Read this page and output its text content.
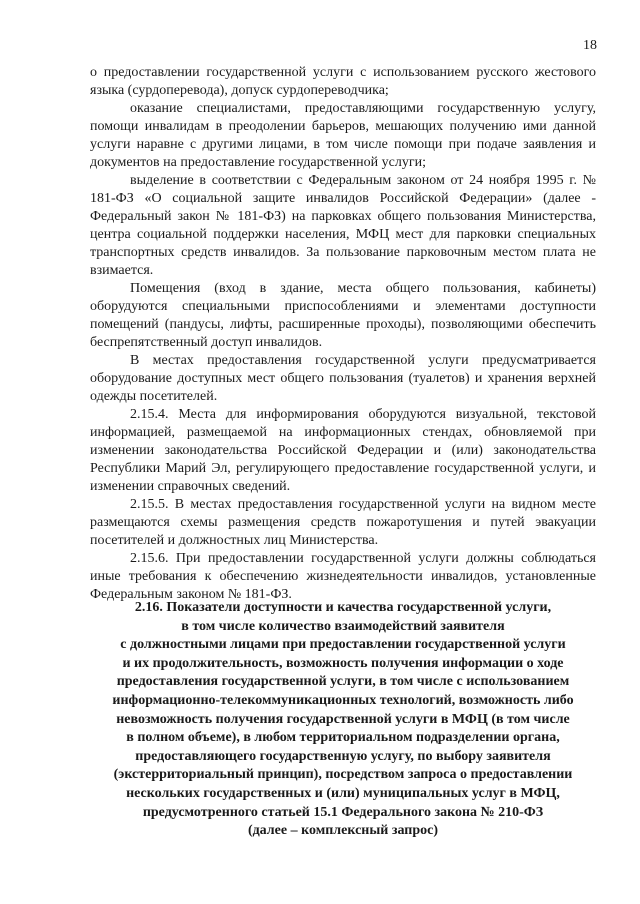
18

о предоставлении государственной услуги с использованием русского жестового языка (сурдоперевода), допуск сурдопереводчика;

оказание специалистами, предоставляющими государственную услугу, помощи инвалидам в преодолении барьеров, мешающих получению ими данной услуги наравне с другими лицами, в том числе помощи при подаче заявления и документов на предоставление государственной услуги;

выделение в соответствии с Федеральным законом от 24 ноября 1995 г. № 181-ФЗ «О социальной защите инвалидов Российской Федерации» (далее - Федеральный закон № 181-ФЗ) на парковках общего пользования Министерства, центра социальной поддержки населения, МФЦ мест для парковки специальных транспортных средств инвалидов. За пользование парковочным местом плата не взимается.

Помещения (вход в здание, места общего пользования, кабинеты) оборудуются специальными приспособлениями и элементами доступности помещений (пандусы, лифты, расширенные проходы), позволяющими обеспечить беспрепятственный доступ инвалидов.

В местах предоставления государственной услуги предусматривается оборудование доступных мест общего пользования (туалетов) и хранения верхней одежды посетителей.

2.15.4. Места для информирования оборудуются визуальной, текстовой информацией, размещаемой на информационных стендах, обновляемой при изменении законодательства Российской Федерации и (или) законодательства Республики Марий Эл, регулирующего предоставление государственной услуги, и изменении справочных сведений.

2.15.5. В местах предоставления государственной услуги на видном месте размещаются схемы размещения средств пожаротушения и путей эвакуации посетителей и должностных лиц Министерства.

2.15.6. При предоставлении государственной услуги должны соблюдаться иные требования к обеспечению жизнедеятельности инвалидов, установленные Федеральным законом № 181-ФЗ.

2.16. Показатели доступности и качества государственной услуги,
в том числе количество взаимодействий заявителя
с должностными лицами при предоставлении государственной услуги
и их продолжительность, возможность получения информации о ходе
предоставления государственной услуги, в том числе с использованием
информационно-телекоммуникационных технологий, возможность либо
невозможность получения государственной услуги в МФЦ (в том числе
в полном объеме), в любом территориальном подразделении органа,
предоставляющего государственную услугу, по выбору заявителя
(экстерриториальный принцип), посредством запроса о предоставлении
нескольких государственных и (или) муниципальных услуг в МФЦ,
предусмотренного статьей 15.1 Федерального закона № 210-ФЗ
(далее – комплексный запрос)
